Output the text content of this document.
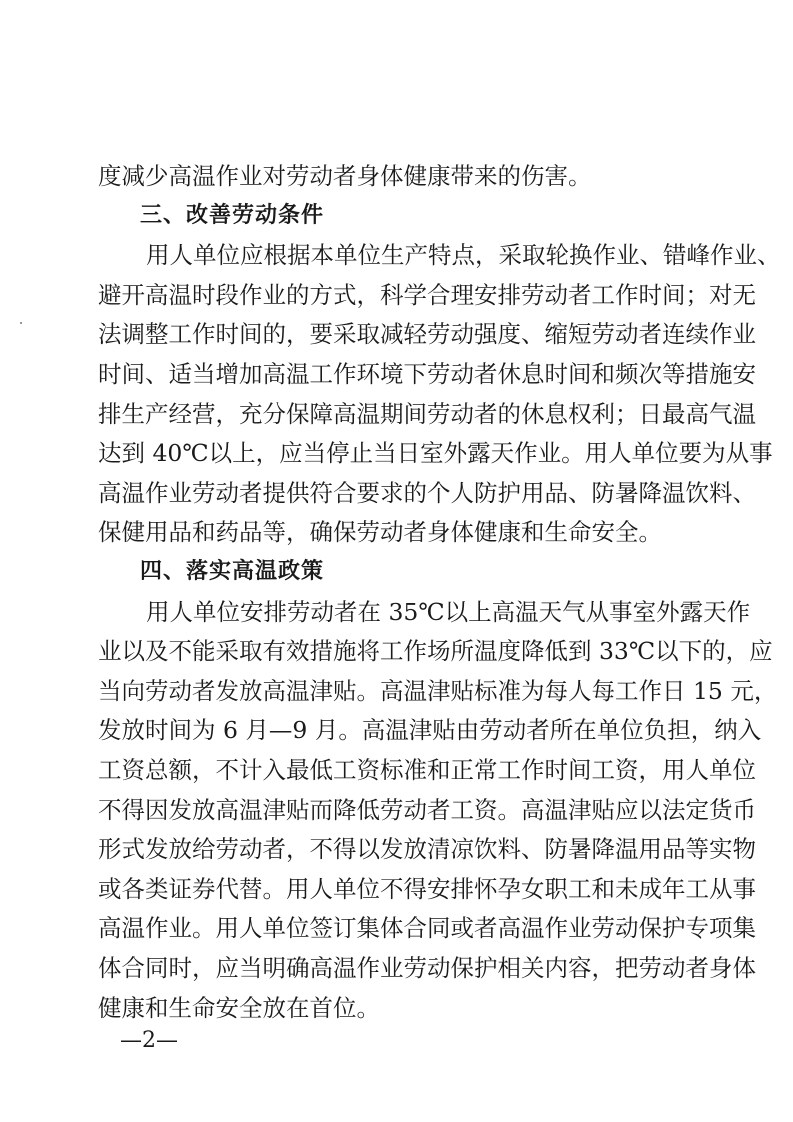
度减少高温作业对劳动者身体健康带来的伤害。
三、改善劳动条件
用人单位应根据本单位生产特点，采取轮换作业、错峰作业、
避开高温时段作业的方式，科学合理安排劳动者工作时间；对无
法调整工作时间的，要采取减轻劳动强度、缩短劳动者连续作业
时间、适当增加高温工作环境下劳动者休息时间和频次等措施安
排生产经营，充分保障高温期间劳动者的休息权利；日最高气温
达到 40℃以上，应当停止当日室外露天作业。用人单位要为从事
高温作业劳动者提供符合要求的个人防护用品、防暑降温饮料、
保健用品和药品等，确保劳动者身体健康和生命安全。
四、落实高温政策
用人单位安排劳动者在 35℃以上高温天气从事室外露天作
业以及不能采取有效措施将工作场所温度降低到 33℃以下的，应
当向劳动者发放高温津贴。高温津贴标准为每人每工作日 15 元，
发放时间为 6 月—9 月。高温津贴由劳动者所在单位负担，纳入
工资总额，不计入最低工资标准和正常工作时间工资，用人单位
不得因发放高温津贴而降低劳动者工资。高温津贴应以法定货币
形式发放给劳动者，不得以发放清凉饮料、防暑降温用品等实物
或各类证券代替。用人单位不得安排怀孕女职工和未成年工从事
高温作业。用人单位签订集体合同或者高温作业劳动保护专项集
体合同时，应当明确高温作业劳动保护相关内容，把劳动者身体
健康和生命安全放在首位。
—2—
